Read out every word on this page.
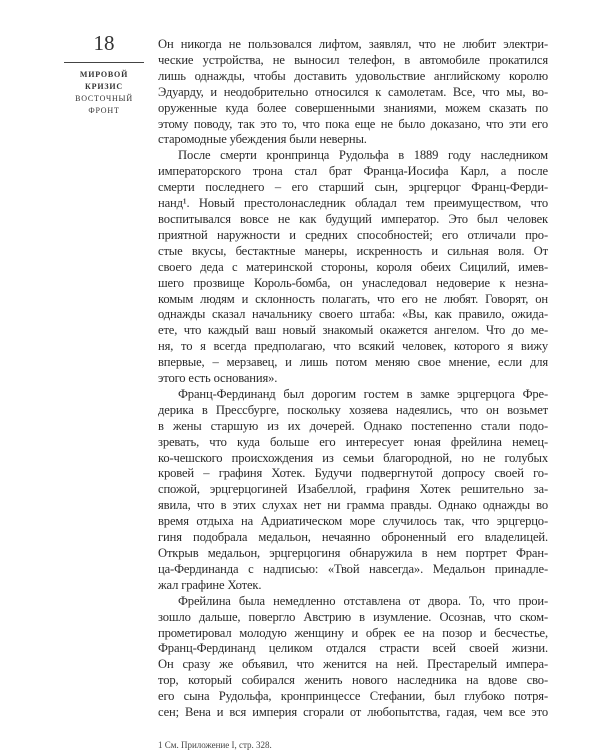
18
МИРОВОЙ
КРИЗИС
ВОСТОЧНЫЙ
ФРОНТ
Он никогда не пользовался лифтом, заявлял, что не любит электри-
ческие устройства, не выносил телефон, в автомобиле прокатился
лишь однажды, чтобы доставить удовольствие английскому королю
Эдуарду, и неодобрительно относился к самолетам. Все, что мы, во-
оруженные куда более совершенными знаниями, можем сказать по
этому поводу, так это то, что пока еще не было доказано, что эти его
старомодные убеждения были неверны.
После смерти кронпринца Рудольфа в 1889 году наследником
императорского трона стал брат Франца-Иосифа Карл, а после
смерти последнего – его старший сын, эрцгерцог Франц-Ферди-
нанд¹. Новый престолонаследник обладал тем преимуществом, что
воспитывался вовсе не как будущий император. Это был человек
приятной наружности и средних способностей; его отличали про-
стые вкусы, бестактные манеры, искренность и сильная воля. От
своего деда с материнской стороны, короля обеих Сицилий, имев-
шего прозвище Король-бомба, он унаследовал недоверие к незна-
комым людям и склонность полагать, что его не любят. Говорят, он
однажды сказал начальнику своего штаба: «Вы, как правило, ожида-
ете, что каждый ваш новый знакомый окажется ангелом. Что до ме-
ня, то я всегда предполагаю, что всякий человек, которого я вижу
впервые, – мерзавец, и лишь потом меняю свое мнение, если для
этого есть основания».
Франц-Фердинанд был дорогим гостем в замке эрцгерцога Фре-
дерика в Прессбурге, поскольку хозяева надеялись, что он возьмет
в жены старшую из их дочерей. Однако постепенно стали подо-
зревать, что куда больше его интересует юная фрейлина немец-
ко-чешского происхождения из семьи благородной, но не голубых
кровей – графиня Хотек. Будучи подвергнутой допросу своей го-
спожой, эрцгерцогиней Изабеллой, графиня Хотек решительно за-
явила, что в этих слухах нет ни грамма правды. Однако однажды во
время отдыха на Адриатическом море случилось так, что эрцгерцо-
гиня подобрала медальон, нечаянно оброненный его владелицей.
Открыв медальон, эрцгерцогиня обнаружила в нем портрет Фран-
ца-Фердинанда с надписью: «Твой навсегда». Медальон принадле-
жал графине Хотек.
Фрейлина была немедленно отставлена от двора. То, что прои-
зошло дальше, повергло Австрию в изумление. Осознав, что ском-
прометировал молодую женщину и обрек ее на позор и бесчестье,
Франц-Фердинанд целиком отдался страсти всей своей жизни.
Он сразу же объявил, что женится на ней. Престарелый импера-
тор, который собирался женить нового наследника на вдове сво-
его сына Рудольфа, кронпринцессе Стефании, был глубоко потря-
сен; Вена и вся империя сгорали от любопытства, гадая, чем все это
1 См. Приложение I, стр. 328.
